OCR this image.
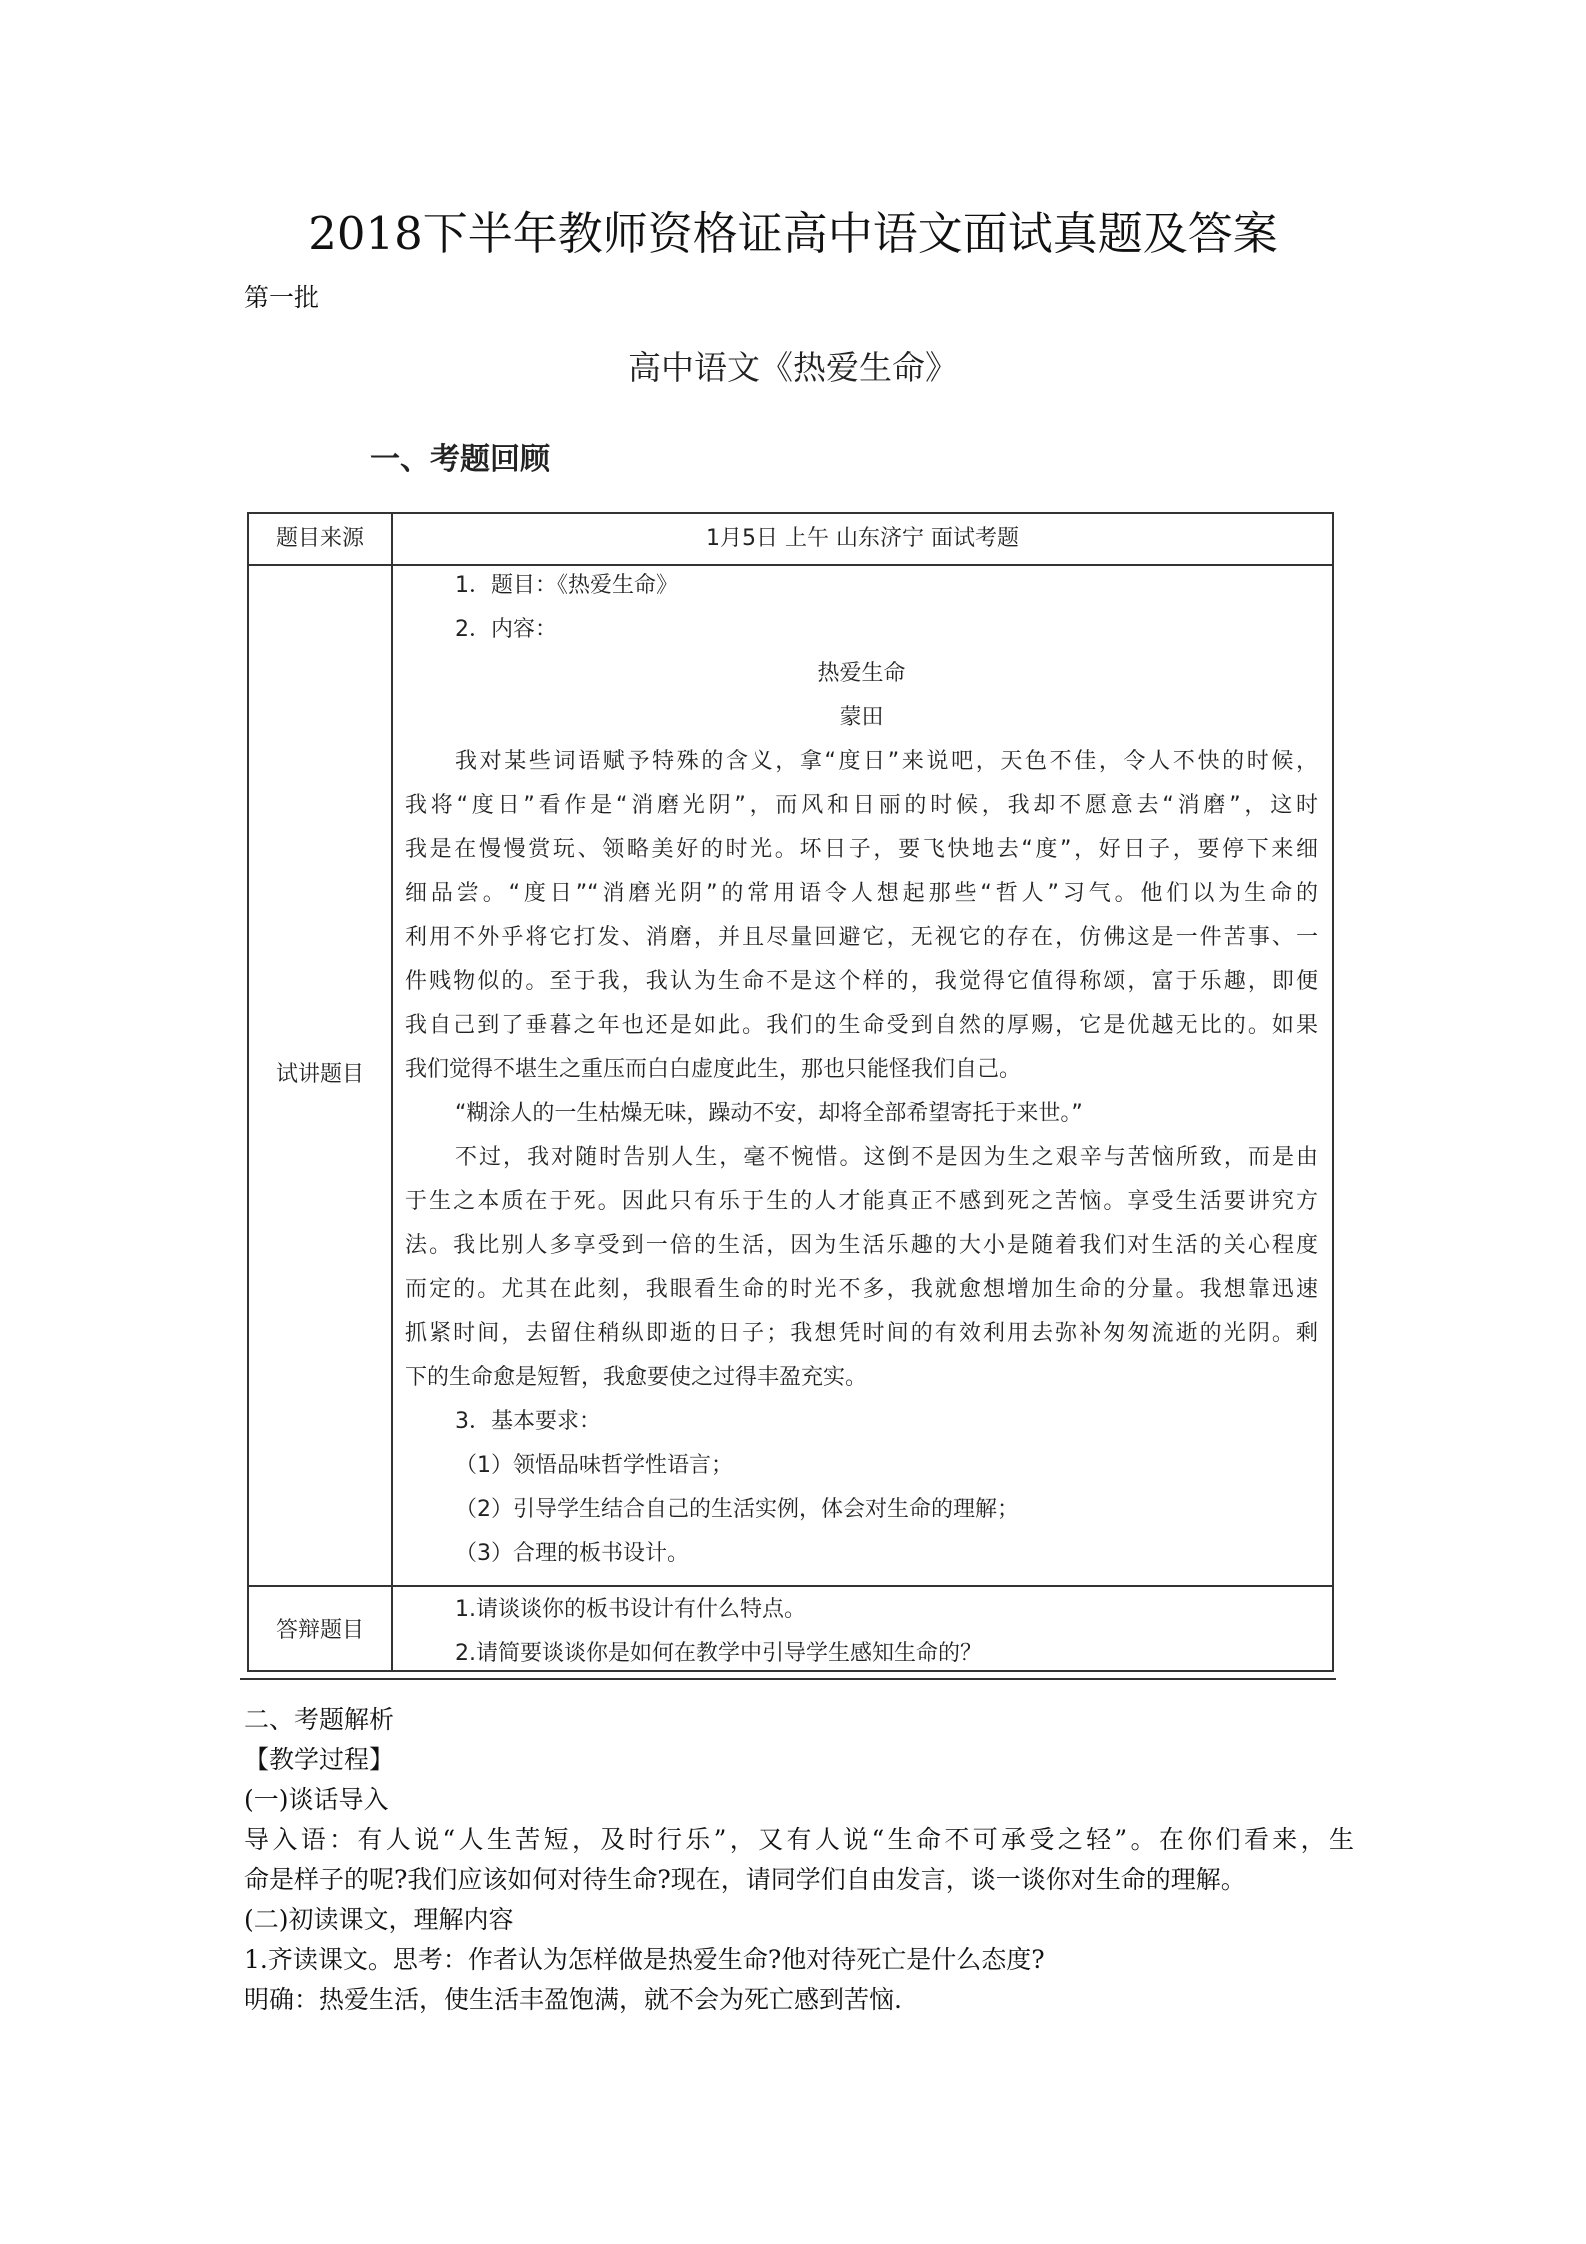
2018下半年教师资格证高中语文面试真题及答案
第一批
高中语文《热爱生命》
一、考题回顾
题目来源	1月5日 上午 山东济宁 面试考题
试讲题目
1．题目：《热爱生命》
2．内容：
热爱生命
蒙田
我对某些词语赋予特殊的含义，拿“度日”来说吧，天色不佳，令人不快的时候，
我将“度日”看作是“消磨光阴”，而风和日丽的时候，我却不愿意去“消磨”，这时
我是在慢慢赏玩、领略美好的时光。坏日子，要飞快地去“度”，好日子，要停下来细
细品尝。“度日”“消磨光阴”的常用语令人想起那些“哲人”习气。他们以为生命的
利用不外乎将它打发、消磨，并且尽量回避它，无视它的存在，仿佛这是一件苦事、一
件贱物似的。至于我，我认为生命不是这个样的，我觉得它值得称颂，富于乐趣，即便
我自己到了垂暮之年也还是如此。我们的生命受到自然的厚赐，它是优越无比的。如果
我们觉得不堪生之重压而白白虚度此生，那也只能怪我们自己。
“糊涂人的一生枯燥无味，躁动不安，却将全部希望寄托于来世。”
不过，我对随时告别人生，毫不惋惜。这倒不是因为生之艰辛与苦恼所致，而是由
于生之本质在于死。因此只有乐于生的人才能真正不感到死之苦恼。享受生活要讲究方
法。我比别人多享受到一倍的生活，因为生活乐趣的大小是随着我们对生活的关心程度
而定的。尤其在此刻，我眼看生命的时光不多，我就愈想增加生命的分量。我想靠迅速
抓紧时间，去留住稍纵即逝的日子；我想凭时间的有效利用去弥补匆匆流逝的光阴。剩
下的生命愈是短暂，我愈要使之过得丰盈充实。
3．基本要求：
（1）领悟品味哲学性语言；
（2）引导学生结合自己的生活实例，体会对生命的理解；
（3）合理的板书设计。
答辩题目
1.请谈谈你的板书设计有什么特点。
2.请简要谈谈你是如何在教学中引导学生感知生命的？
二、考题解析
【教学过程】
(一)谈话导入
导入语：有人说“人生苦短，及时行乐”，又有人说“生命不可承受之轻”。在你们看来，生
命是样子的呢?我们应该如何对待生命?现在，请同学们自由发言，谈一谈你对生命的理解。
(二)初读课文，理解内容
1.齐读课文。思考：作者认为怎样做是热爱生命?他对待死亡是什么态度?
明确：热爱生活，使生活丰盈饱满，就不会为死亡感到苦恼.
